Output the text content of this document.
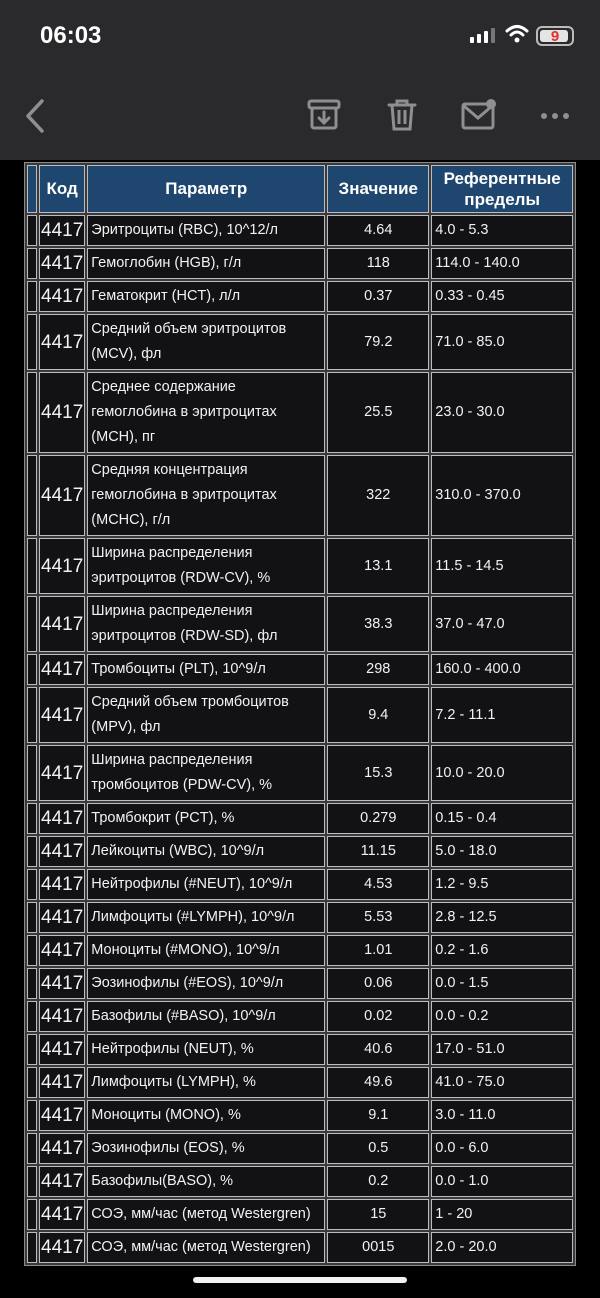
06:03	9
	Код	Параметр	Значение	Референтные пределы
	4417	Эритроциты (RBC), 10^12/л	4.64	4.0 - 5.3
	4417	Гемоглобин (HGB), г/л	118	114.0 - 140.0
	4417	Гематокрит (HCT), л/л	0.37	0.33 - 0.45
	4417	Средний объем эритроцитов (MCV), фл	79.2	71.0 - 85.0
	4417	Среднее содержание гемоглобина в эритроцитах (MCH), пг	25.5	23.0 - 30.0
	4417	Средняя концентрация гемоглобина в эритроцитах (MCHC), г/л	322	310.0 - 370.0
	4417	Ширина распределения эритроцитов (RDW-CV), %	13.1	11.5 - 14.5
	4417	Ширина распределения эритроцитов (RDW-SD), фл	38.3	37.0 - 47.0
	4417	Тромбоциты (PLT), 10^9/л	298	160.0 - 400.0
	4417	Средний объем тромбоцитов (MPV), фл	9.4	7.2 - 11.1
	4417	Ширина распределения тромбоцитов (PDW-CV), %	15.3	10.0 - 20.0
	4417	Тромбокрит (PCT), %	0.279	0.15 - 0.4
	4417	Лейкоциты (WBC), 10^9/л	11.15	5.0 - 18.0
	4417	Нейтрофилы (#NEUT), 10^9/л	4.53	1.2 - 9.5
	4417	Лимфоциты (#LYMPH), 10^9/л	5.53	2.8 - 12.5
	4417	Моноциты (#MONO), 10^9/л	1.01	0.2 - 1.6
	4417	Эозинофилы (#EOS), 10^9/л	0.06	0.0 - 1.5
	4417	Базофилы (#BASO), 10^9/л	0.02	0.0 - 0.2
	4417	Нейтрофилы (NEUT), %	40.6	17.0 - 51.0
	4417	Лимфоциты (LYMPH), %	49.6	41.0 - 75.0
	4417	Моноциты (MONO), %	9.1	3.0 - 11.0
	4417	Эозинофилы (EOS), %	0.5	0.0 - 6.0
	4417	Базофилы(BASO), %	0.2	0.0 - 1.0
	4417	СОЭ, мм/час (метод Westergren)	15	1 - 20
	4417	СОЭ, мм/час (метод Westergren)	0015	2.0 - 20.0
